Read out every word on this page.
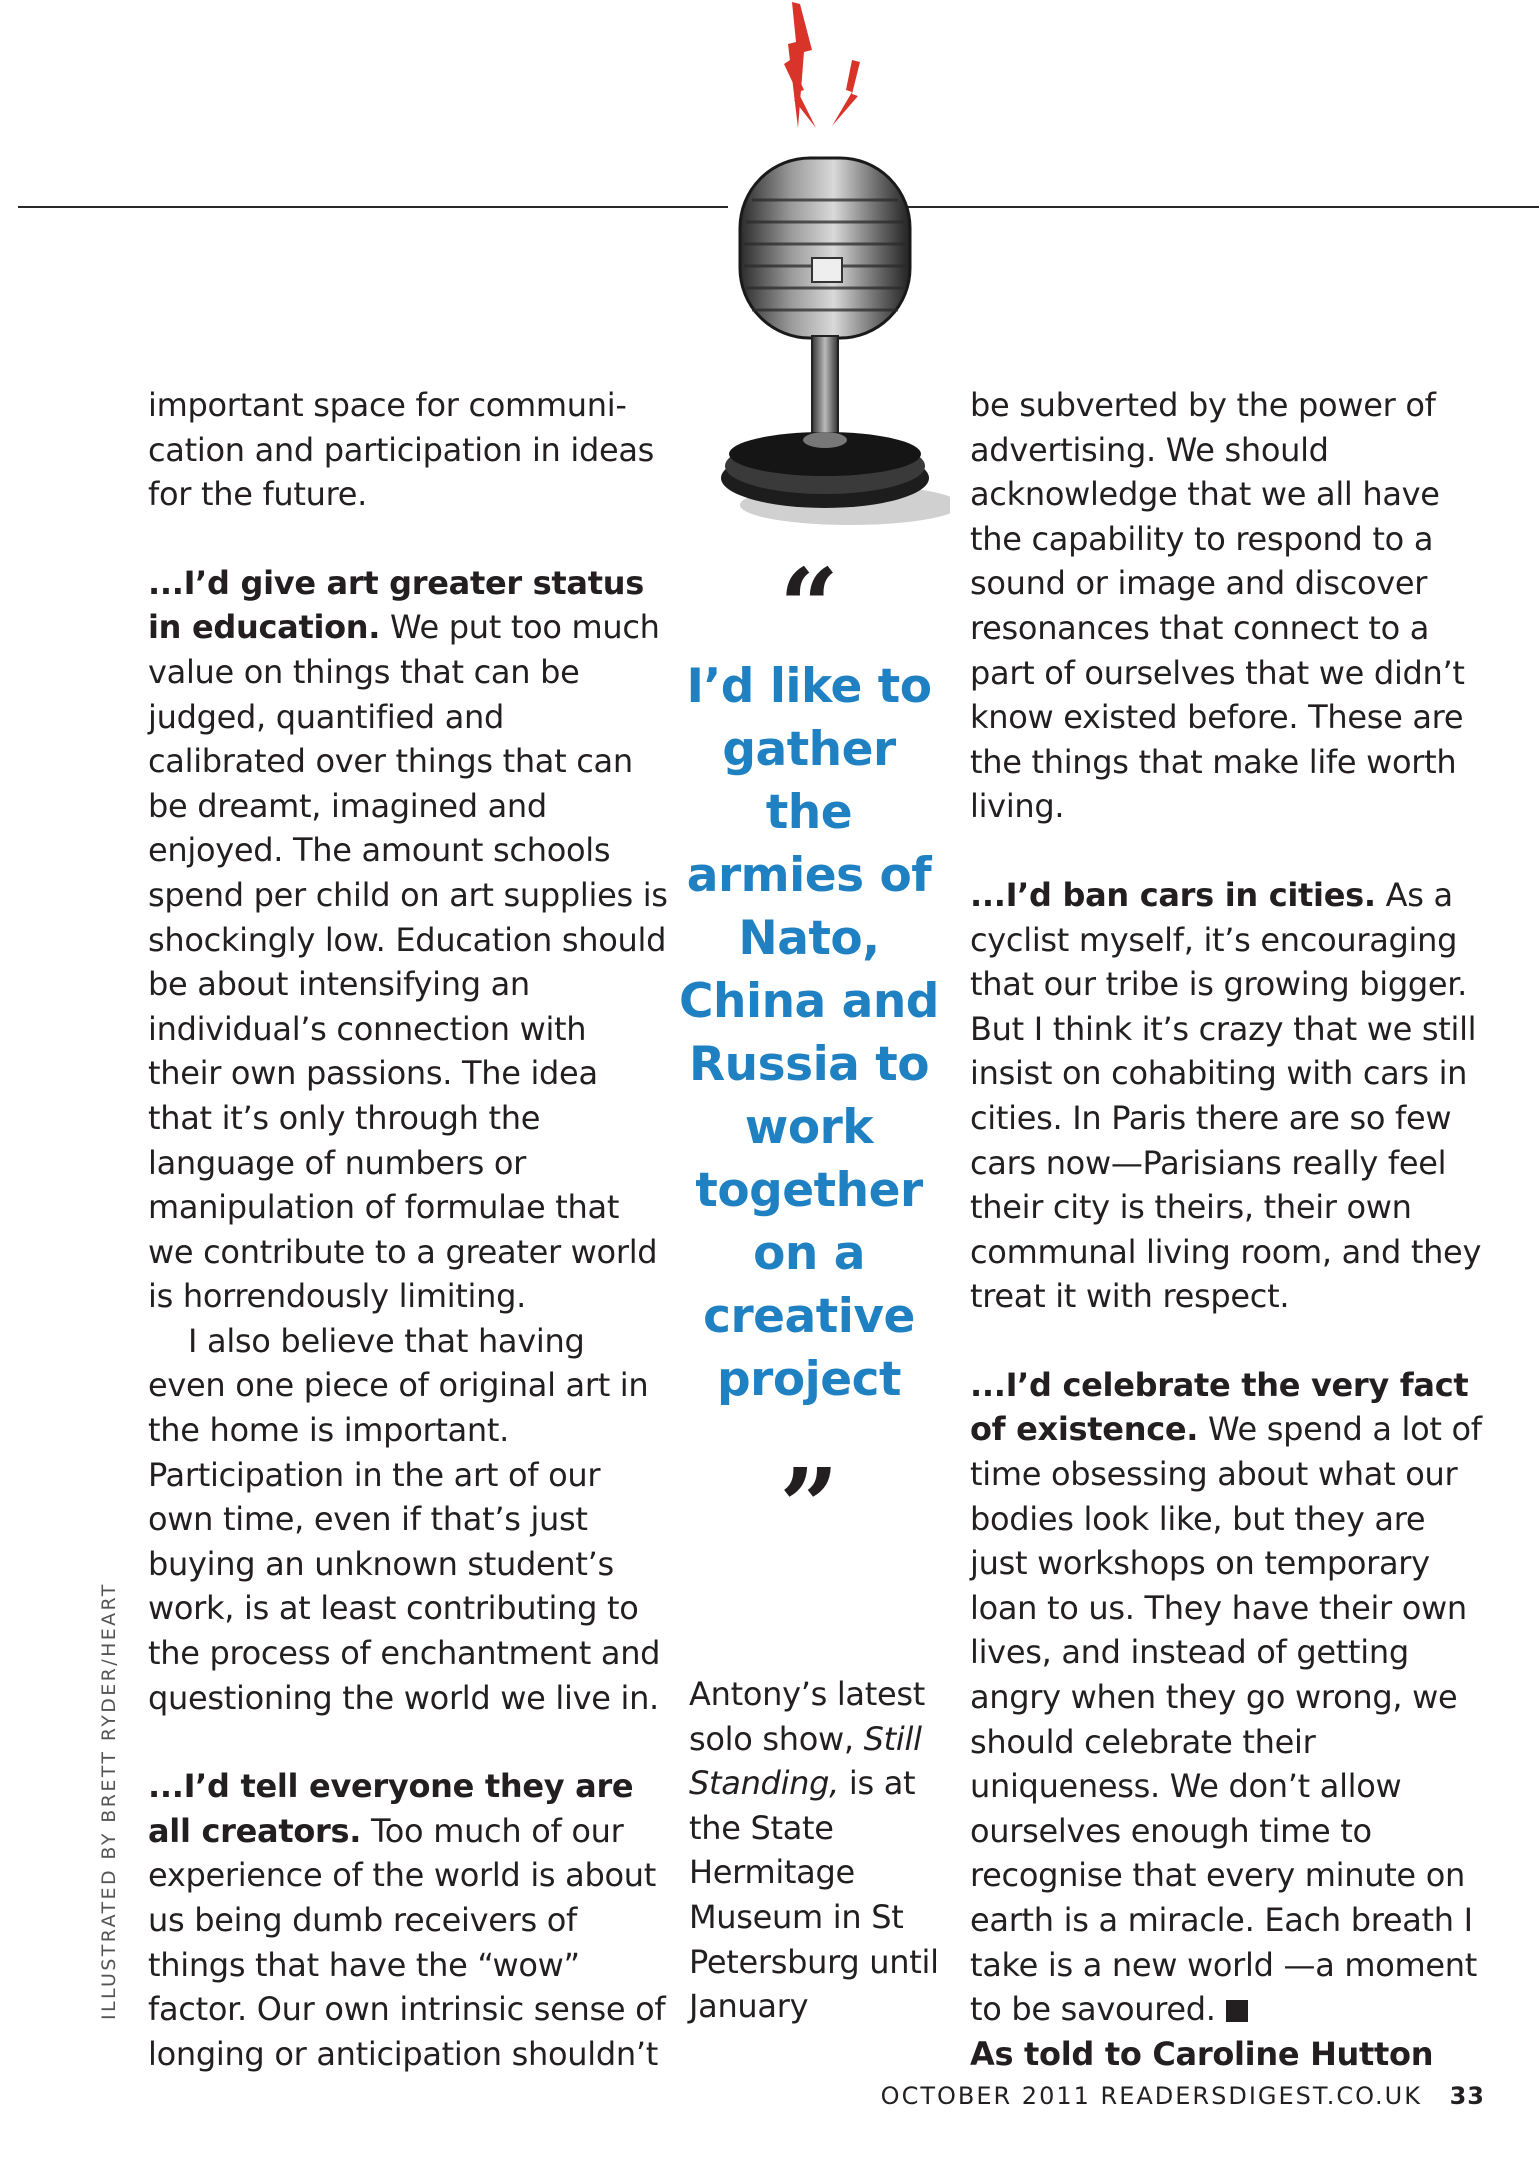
important space for communi-cation and participation in ideas for the future.

...I’d give art greater status in education. We put too much value on things that can be judged, quantified and calibrated over things that can be dreamt, imagined and enjoyed. The amount schools spend per child on art supplies is shockingly low. Education should be about intensifying an individual’s connection with their own passions. The idea that it’s only through the language of numbers or manipulation of formulae that we contribute to a greater world is horrendously limiting.

I also believe that having even one piece of original art in the home is important. Participation in the art of our own time, even if that’s just buying an unknown student’s work, is at least contributing to the process of enchantment and questioning the world we live in.

...I’d tell everyone they are all creators. Too much of our experience of the world is about us being dumb receivers of things that have the “wow” factor. Our own intrinsic sense of longing or anticipation shouldn’t

“
I’d like to gather the armies of Nato, China and Russia to work together on a creative project
”

Antony’s latest solo show, Still Standing, is at the State Hermitage Museum in St Petersburg until January

be subverted by the power of advertising. We should acknowledge that we all have the capability to respond to a sound or image and discover resonances that connect to a part of ourselves that we didn’t know existed before. These are the things that make life worth living.

...I’d ban cars in cities. As a cyclist myself, it’s encouraging that our tribe is growing bigger. But I think it’s crazy that we still insist on cohabiting with cars in cities. In Paris there are so few cars now—Parisians really feel their city is theirs, their own communal living room, and they treat it with respect.

...I’d celebrate the very fact of existence. We spend a lot of time obsessing about what our bodies look like, but they are just workshops on temporary loan to us. They have their own lives, and instead of getting angry when they go wrong, we should celebrate their uniqueness. We don’t allow ourselves enough time to recognise that every minute on earth is a miracle. Each breath I take is a new world —a moment to be savoured.

As told to Caroline Hutton

ILLUSTRATED BY BRETT RYDER/HEART
OCTOBER 2011 READERSDIGEST.CO.UK 33
